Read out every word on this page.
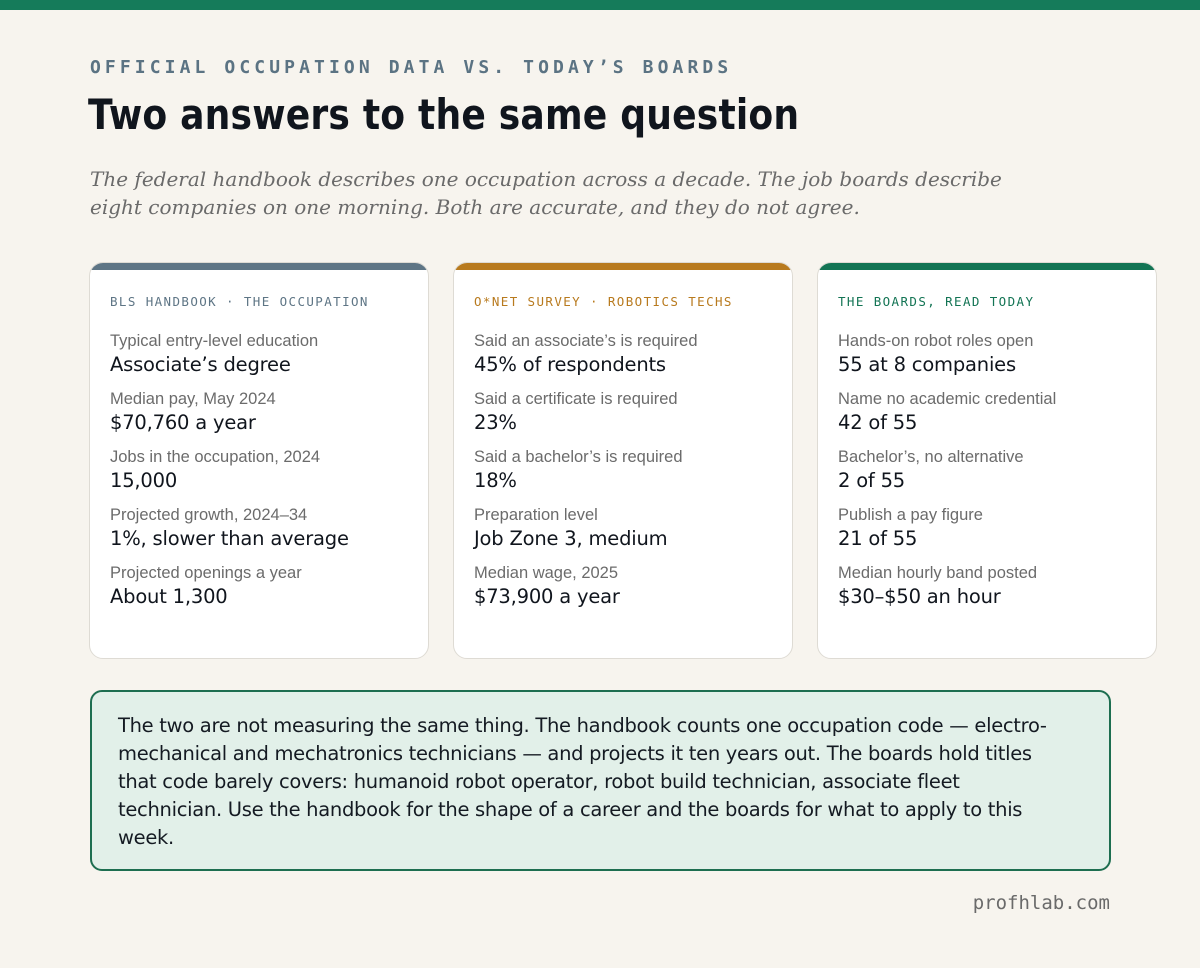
OFFICIAL OCCUPATION DATA VS. TODAY’S BOARDS
Two answers to the same question
The federal handbook describes one occupation across a decade. The job boards describe eight companies on one morning. Both are accurate, and they do not agree.
BLS HANDBOOK · THE OCCUPATION
Typical entry-level education
Associate’s degree
Median pay, May 2024
$70,760 a year
Jobs in the occupation, 2024
15,000
Projected growth, 2024–34
1%, slower than average
Projected openings a year
About 1,300
O*NET SURVEY · ROBOTICS TECHS
Said an associate’s is required
45% of respondents
Said a certificate is required
23%
Said a bachelor’s is required
18%
Preparation level
Job Zone 3, medium
Median wage, 2025
$73,900 a year
THE BOARDS, READ TODAY
Hands-on robot roles open
55 at 8 companies
Name no academic credential
42 of 55
Bachelor’s, no alternative
2 of 55
Publish a pay figure
21 of 55
Median hourly band posted
$30–$50 an hour
The two are not measuring the same thing. The handbook counts one occupation code — electro-mechanical and mechatronics technicians — and projects it ten years out. The boards hold titles that code barely covers: humanoid robot operator, robot build technician, associate fleet technician. Use the handbook for the shape of a career and the boards for what to apply to this week.
profhlab.com
